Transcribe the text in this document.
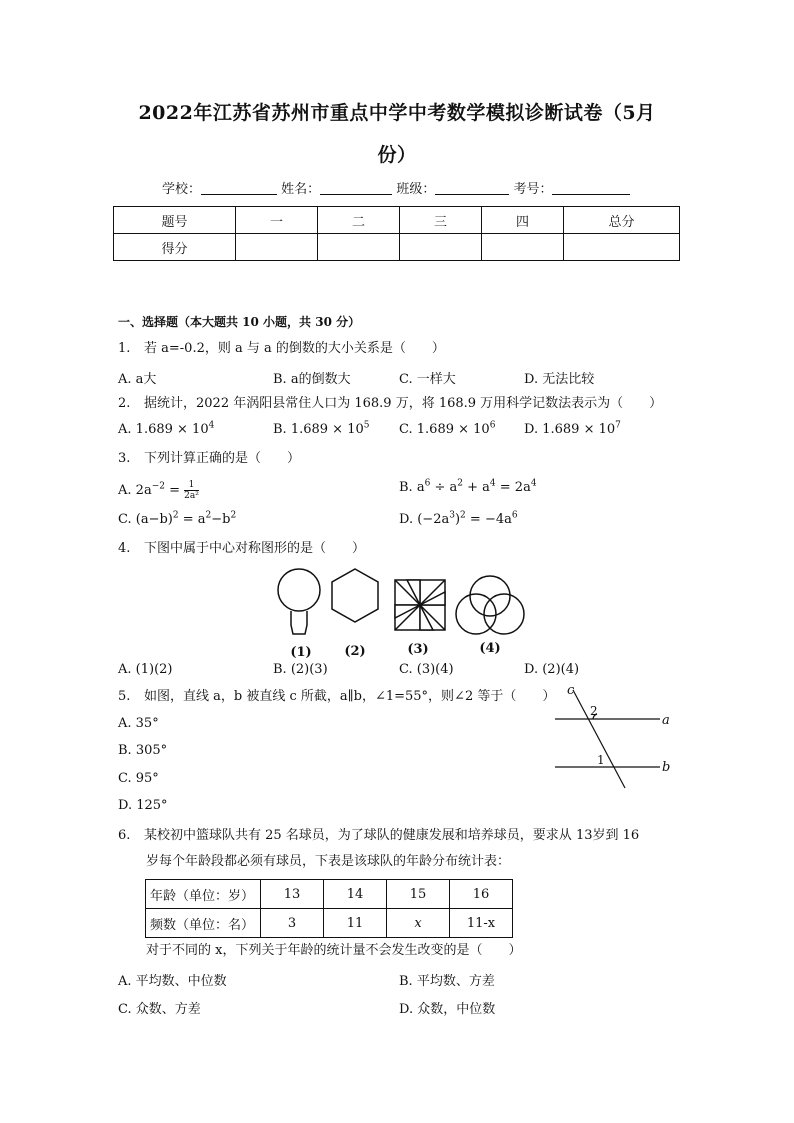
2022年江苏省苏州市重点中学中考数学模拟诊断试卷（5月
份）
学校：	姓名：	班级：	考号：
题号	一	二	三	四	总分
得分					
一、选择题（本大题共 10 小题，共 30 分）
1. 若 a=-0.2，则 a 与 a 的倒数的大小关系是（　　）
A. a大	B. a的倒数大	C. 一样大	D. 无法比较
2. 据统计，2022 年涡阳县常住人口为 168.9 万，将 168.9 万用科学记数法表示为（　　）
A. $1.689 \times 10^4$	B. $1.689 \times 10^5$ C. $1.689 \times 10^6$ D. $1.689 \times 10^7$
3. 下列计算正确的是（　　）
A. $2a^{-2} = \frac{1}{\text{2a²}}$	B. $a^6 \div a^2 + a^4 = 2a^4$
C. $(a-b)^2 = a^2-b^2$	D. $(-2a^3)^2 = -4a^6$
4. 下图中属于中心对称图形的是（　　）
(1)	(2)	(3)	(4)
A. (1)(2)	B. (2)(3)	C. (3)(4)	D. (2)(4)
5. 如图，直线 a，b 被直线 c 所截，a∥b，∠1=55°，则∠2 等于（　　）
A. 35°
B. 305°
C. 95°
D. 125°
c
a
b
2
1
6. 某校初中篮球队共有 25 名球员，为了球队的健康发展和培养球员，要求从 13岁到 16
岁每个年龄段都必须有球员，下表是该球队的年龄分布统计表：
年龄（单位：岁）	13	14	15	16
频数（单位：名）	3	11	x	11-x
对于不同的 x，下列关于年龄的统计量不会发生改变的是（　　）
A. 平均数、中位数	B. 平均数、方差
C. 众数、方差	D. 众数，中位数
